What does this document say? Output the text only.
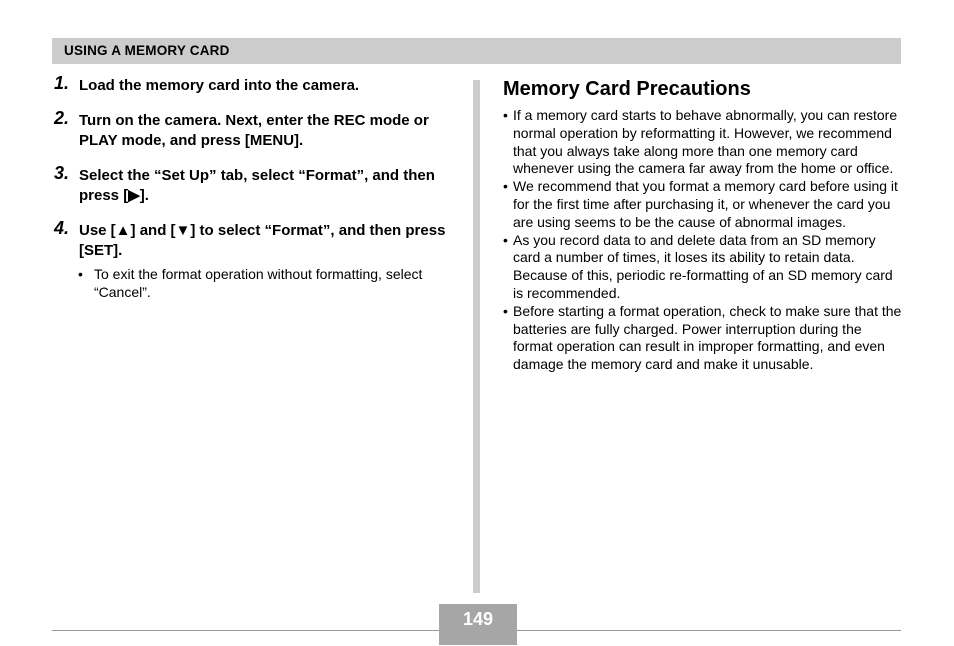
USING A MEMORY CARD
1. Load the memory card into the camera.
2. Turn on the camera. Next, enter the REC mode or PLAY mode, and press [MENU].
3. Select the “Set Up” tab, select “Format”, and then press [▶].
4. Use [▲] and [▼] to select “Format”, and then press [SET].
• To exit the format operation without formatting, select “Cancel”.
Memory Card Precautions
• If a memory card starts to behave abnormally, you can restore normal operation by reformatting it. However, we recommend that you always take along more than one memory card whenever using the camera far away from the home or office.
• We recommend that you format a memory card before using it for the first time after purchasing it, or whenever the card you are using seems to be the cause of abnormal images.
• As you record data to and delete data from an SD memory card a number of times, it loses its ability to retain data. Because of this, periodic re-formatting of an SD memory card is recommended.
• Before starting a format operation, check to make sure that the batteries are fully charged. Power interruption during the format operation can result in improper formatting, and even damage the memory card and make it unusable.
149
